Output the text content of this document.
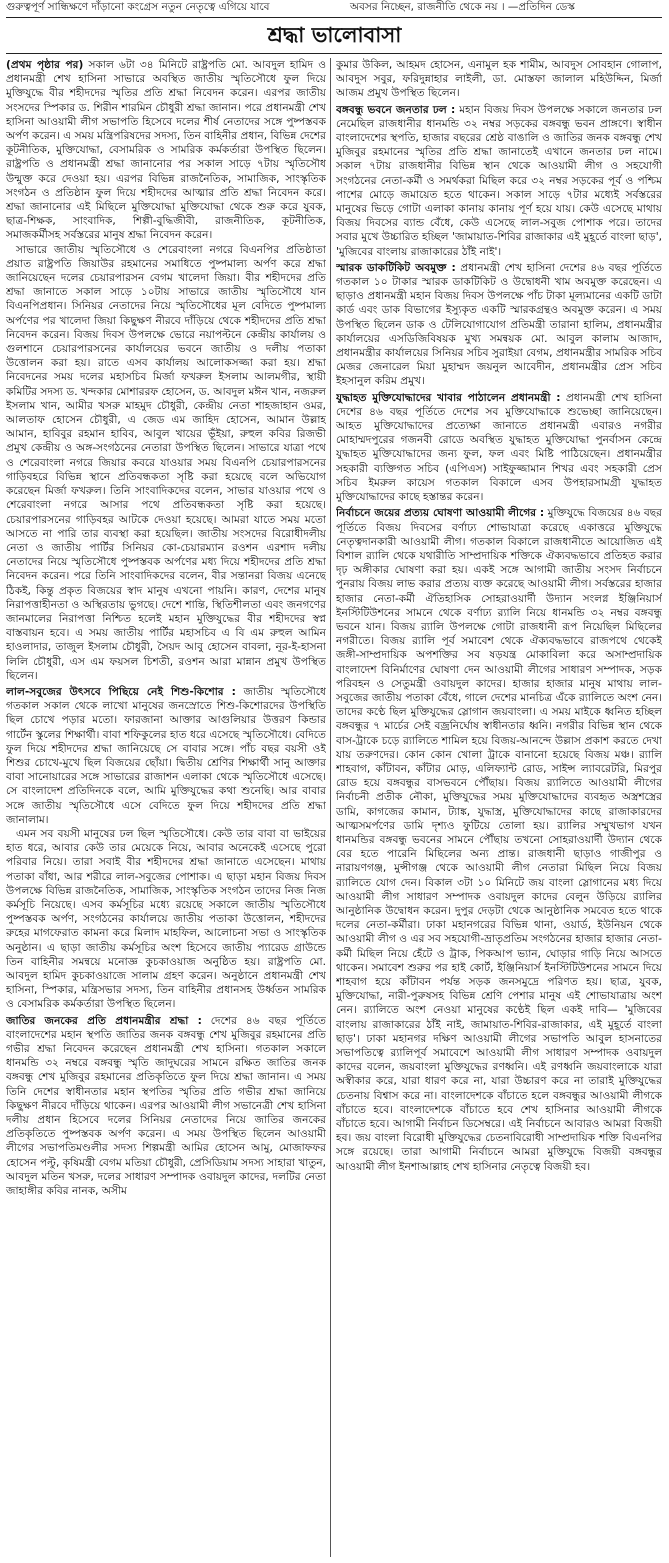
গুরুত্বপূর্ণ সান্ধিক্ষণে দাঁড়ানো কংগ্রেস নতুন নেতৃত্বে এগিয়ে যাবে	অবসর নিচ্ছেন, রাজনীতি থেকে নয় । —প্রতিদিন ডেস্ক
শ্রদ্ধা ভালোবাসা

(প্রথম পৃষ্ঠার পর) সকাল ৬টা ৩৪ মিনিটে রাষ্ট্রপতি মো. আবদুল হামিদ ও প্রধানমন্ত্রী শেখ হাসিনা সাভারে অবস্থিত জাতীয় স্মৃতিসৌধে ফুল দিয়ে মুক্তিযুদ্ধে বীর শহীদদের স্মৃতির প্রতি শ্রদ্ধা নিবেদন করেন। এরপর জাতীয় সংসদের স্পিকার ড. শিরীন শারমিন চৌধুরী শ্রদ্ধা জানান। পরে প্রধানমন্ত্রী শেখ হাসিনা আওয়ামী লীগ সভাপতি হিসেবে দলের শীর্ষ নেতাদের সঙ্গে পুষ্পস্তবক অর্পণ করেন। এ সময় মন্ত্রিপরিষদের সদস্য, তিন বাহিনীর প্রধান, বিভিন্ন দেশের কূটনীতিক, মুক্তিযোদ্ধা, বেসামরিক ও সামরিক কর্মকর্তারা উপস্থিত ছিলেন। রাষ্ট্রপতি ও প্রধানমন্ত্রী শ্রদ্ধা জানানোর পর সকাল সাড়ে ৭টায় স্মৃতিসৌধ উন্মুক্ত করে দেওয়া হয়। এরপর বিভিন্ন রাজনৈতিক, সামাজিক, সাংস্কৃতিক সংগঠন ও প্রতিষ্ঠান ফুল দিয়ে শহীদদের আত্মার প্রতি শ্রদ্ধা নিবেদন করে। শ্রদ্ধা জানানোর এই মিছিলে মুক্তিযোদ্ধা মুক্তিযোদ্ধা থেকে শুরু করে যুবক, ছাত্র-শিক্ষক, সাংবাদিক, শিল্পী-বুদ্ধিজীবী, রাজনীতিক, কূটনীতিক, সমাজকর্মীসহ সর্বস্তরের মানুষ শ্রদ্ধা নিবেদন করেন।

সাভারে জাতীয় স্মৃতিসৌধে ও শেরেবাংলা নগরে বিএনপির প্রতিষ্ঠাতা প্রয়াত রাষ্ট্রপতি জিয়াউর রহমানের সমাধিতে পুষ্পমাল্য অর্পণ করে শ্রদ্ধা জানিয়েছেন দলের চেয়ারপারসন বেগম খালেদা জিয়া। বীর শহীদদের প্রতি শ্রদ্ধা জানাতে সকাল সাড়ে ১০টায় সাভারে জাতীয় স্মৃতিসৌধে যান বিএনপিপ্রধান। সিনিয়র নেতাদের নিয়ে স্মৃতিসৌধের মূল বেদিতে পুষ্পমাল্য অর্পণের পর খালেদা জিয়া কিছুক্ষণ নীরবে দাঁড়িয়ে থেকে শহীদদের প্রতি শ্রদ্ধা নিবেদন করেন। বিজয় দিবস উপলক্ষে ভোরে নয়াপল্টনে কেন্দ্রীয় কার্যালয় ও গুলশানে চেয়ারপারসনের কার্যালয়ের ভবনে জাতীয় ও দলীয় পতাকা উত্তোলন করা হয়। রাতে এসব কার্যালয় আলোকসজ্জা করা হয়। শ্রদ্ধা নিবেদনের সময় দলের মহাসচিব মির্জা ফখরুল ইসলাম আলমগীর, স্থায়ী কমিটির সদস্য ড. খন্দকার মোশাররফ হোসেন, ড. আবদুল মঈন খান, নজরুল ইসলাম খান, আমীর খসরু মাহমুদ চৌধুরী, কেন্দ্রীয় নেতা শাহজাহান ওমর, আলতাফ হোসেন চৌধুরী, এ জেড এম জাহিদ হোসেন, আমান উল্লাহ আমান, হাবিবুর রহমান হাবিব, আবুল খায়ের ভূঁইয়া, রুহুল কবির রিজভী প্রমুখ কেন্দ্রীয় ও অঙ্গ-সংগঠনের নেতারা উপস্থিত ছিলেন। সাভারে যাত্রা পথে ও শেরেবাংলা নগরে জিয়ার কবরে যাওয়ার সময় বিএনপি চেয়ারপারসনের গাড়িবহরে বিভিন্ন স্থানে প্রতিবন্ধকতা সৃষ্টি করা হয়েছে বলে অভিযোগ করেছেন মির্জা ফখরুল। তিনি সাংবাদিকদের বলেন, সাভার যাওয়ার পথে ও শেরেবাংলা নগরে আসার পথে প্রতিবন্ধকতা সৃষ্টি করা হয়েছে। চেয়ারপারসনের গাড়িবহর আটকে দেওয়া হয়েছে। আমরা যাতে সময় মতো আসতে না পারি তার ব্যবস্থা করা হয়েছিল। জাতীয় সংসদের বিরোধীদলীয় নেতা ও জাতীয় পার্টির সিনিয়র কো-চেয়ারম্যান রওশন এরশাদ দলীয় নেতাদের নিয়ে স্মৃতিসৌধে পুষ্পস্তবক অর্পণের মধ্য দিয়ে শহীদদের প্রতি শ্রদ্ধা নিবেদন করেন। পরে তিনি সাংবাদিকদের বলেন, বীর সন্তানরা বিজয় এনেছে ঠিকই, কিন্তু প্রকৃত বিজয়ের স্বাদ মানুষ এখনো পায়নি। কারণ, দেশের মানুষ নিরাপত্তাহীনতা ও অস্থিরতায় ভুগছে। দেশে শান্তি, স্থিতিশীলতা এবং জনগণের জানমালের নিরাপত্তা নিশ্চিত হলেই মহান মুক্তিযুদ্ধের বীর শহীদদের স্বপ্ন বাস্তবায়ন হবে। এ সময় জাতীয় পার্টির মহাসচিব এ বি এম রুহুল আমিন হাওলাদার, তাজুল ইসলাম চৌধুরী, সৈয়দ আবু হোসেন বাবলা, নূর-ই-হাসনা লিলি চৌধুরী, এস এম ফয়সল চিশতী, রওশন আরা মান্নান প্রমুখ উপস্থিত ছিলেন।

লাল-সবুজের উৎসবে পিছিয়ে নেই শিশু-কিশোর : জাতীয় স্মৃতিসৌধে গতকাল সকাল থেকে লাখো মানুষের জনস্রোতে শিশু-কিশোরদের উপস্থিতি ছিল চোখে পড়ার মতো। ফারজানা আক্তার আগুলিয়ার উত্তরণ কিন্ডার গার্টেন স্কুলের শিক্ষার্থী। বাবা শফিকুলের হাত ধরে এসেছে স্মৃতিসৌধে। বেদিতে ফুল দিয়ে শহীদদের শ্রদ্ধা জানিয়েছে সে বাবার সঙ্গে। পাঁচ বছর বয়সী ওই শিশুর চোখে-মুখে ছিল বিজয়ের ছোঁয়া। দ্বিতীয় শ্রেণির শিক্ষার্থী সানু আক্তার বাবা সানোয়ারের সঙ্গে সাভারের রাজাশন এলাকা থেকে স্মৃতিসৌধে এসেছে। সে বাংলাদেশ প্রতিদিনকে বলে, আমি মুক্তিযুদ্ধের কথা শুনেছি। আর বাবার সঙ্গে জাতীয় স্মৃতিসৌধে এসে বেদিতে ফুল দিয়ে শহীদদের প্রতি শ্রদ্ধা জানালাম।

এমন সব বয়সী মানুষের ঢল ছিল স্মৃতিসৌধে। কেউ তার বাবা বা ভাইয়ের হাত ধরে, আবার কেউ তার মেয়েকে নিয়ে, আবার অনেকেই এসেছে পুরো পরিবার নিয়ে। তারা সবাই বীর শহীদদের শ্রদ্ধা জানাতে এসেছেন। মাথায় পতাকা বাঁধা, আর শরীরে লাল-সবুজের পোশাক। এ ছাড়া মহান বিজয় দিবস উপলক্ষে বিভিন্ন রাজনৈতিক, সামাজিক, সাংস্কৃতিক সংগঠন তাদের নিজ নিজ কর্মসূচি নিয়েছে। এসব কর্মসূচির মধ্যে রয়েছে সকালে জাতীয় স্মৃতিসৌধে পুষ্পস্তবক অর্পণ, সংগঠনের কার্যালয়ে জাতীয় পতাকা উত্তোলন, শহীদদের রুহের মাগফেরাত কামনা করে মিলাদ মাহফিল, আলোচনা সভা ও সাংস্কৃতিক অনুষ্ঠান। এ ছাড়া জাতীয় কর্মসূচির অংশ হিসেবে জাতীয় প্যারেড গ্রাউন্ডে তিন বাহিনীর সমন্বয়ে মনোজ্ঞ কুচকাওয়াজ অনুষ্ঠিত হয়। রাষ্ট্রপতি মো. আবদুল হামিদ কুচকাওয়াজে সালাম গ্রহণ করেন। অনুষ্ঠানে প্রধানমন্ত্রী শেখ হাসিনা, স্পিকার, মন্ত্রিসভার সদস্য, তিন বাহিনীর প্রধানসহ উর্ধ্বতন সামরিক ও বেসামরিক কর্মকর্তারা উপস্থিত ছিলেন।

জাতির জনকের প্রতি প্রধানমন্ত্রীর শ্রদ্ধা : দেশের ৪৬ বছর পূর্তিতে বাংলাদেশের মহান স্থপতি জাতির জনক বঙ্গবন্ধু শেখ মুজিবুর রহমানের প্রতি গভীর শ্রদ্ধা নিবেদন করেছেন প্রধানমন্ত্রী শেখ হাসিনা। গতকাল সকালে ধানমন্ডি ৩২ নম্বরে বঙ্গবন্ধু স্মৃতি জাদুঘরের সামনে রক্ষিত জাতির জনক বঙ্গবন্ধু শেখ মুজিবুর রহমানের প্রতিকৃতিতে ফুল দিয়ে শ্রদ্ধা জানান। এ সময় তিনি দেশের স্বাধীনতার মহান স্থপতির স্মৃতির প্রতি গভীর শ্রদ্ধা জানিয়ে কিছুক্ষণ নীরবে দাঁড়িয়ে থাকেন। এরপর আওয়ামী লীগ সভানেত্রী শেখ হাসিনা দলীয় প্রধান হিসেবে দলের সিনিয়র নেতাদের নিয়ে জাতির জনকের প্রতিকৃতিতে পুষ্পস্তবক অর্পণ করেন। এ সময় উপস্থিত ছিলেন আওয়ামী লীগের সভাপতিমণ্ডলীর সদস্য শিল্পমন্ত্রী আমির হোসেন আমু, মোজাফফর হোসেন পল্টু, কৃষিমন্ত্রী বেগম মতিয়া চৌধুরী, প্রেসিডিয়াম সদস্য সাহারা খাতুন, আবদুল মতিন খসরু, দলের সাধারণ সম্পাদক ওবায়দুল কাদের, দলটির নেতা জাহাঙ্গীর কবির নানক, অসীম

কুমার উকিল, আহমদ হোসেন, এনামুল হক শামীম, আবদুস সোবহান গোলাপ, আবদুস সবুর, ফরিদুন্নাহার লাইলী, ডা. মোস্তফা জালাল মহিউদ্দিন, মির্জা আজম প্রমুখ উপস্থিত ছিলেন।

বঙ্গবন্ধু ভবনে জনতার ঢল : মহান বিজয় দিবস উপলক্ষে সকালে জনতার ঢল নেমেছিল রাজধানীর ধানমন্ডি ৩২ নম্বর সড়কের বঙ্গবন্ধু ভবন প্রাঙ্গণে। স্বাধীন বাংলাদেশের স্থপতি, হাজার বছরের শ্রেষ্ঠ বাঙালি ও জাতির জনক বঙ্গবন্ধু শেখ মুজিবুর রহমানের স্মৃতির প্রতি শ্রদ্ধা জানাতেই এখানে জনতার ঢল নামে। সকাল ৭টায় রাজধানীর বিভিন্ন স্থান থেকে আওয়ামী লীগ ও সহযোগী সংগঠনের নেতা-কর্মী ও সমর্থকরা মিছিল করে ৩২ নম্বর সড়কের পূর্ব ও পশ্চিম পাশের মোড়ে জমায়েত হতে থাকেন। সকাল সাড়ে ৭টার মধ্যেই সর্বস্তরের মানুষের ভিড়ে গোটা এলাকা কানায় কানায় পূর্ণ হয়ে যায়। কেউ এসেছে মাথায় বিজয় দিবসের ব্যান্ড বেঁধে, কেউ এসেছে লাল-সবুজ পোশাক পরে। তাদের সবার মুখে উচ্চারিত হচ্ছিল 'জামায়াত-শিবির রাজাকার এই মুহূর্তে বাংলা ছাড়', 'মুজিবের বাংলায় রাজাকারের ঠাঁই নাই'।

স্মারক ডাকটিকিট অবমুক্ত : প্রধানমন্ত্রী শেখ হাসিনা দেশের ৪৬ বছর পূর্তিতে গতকাল ১০ টাকার স্মারক ডাকটিকিট ও উদ্বোধনী খাম অবমুক্ত করেছেন। এ ছাড়াও প্রধানমন্ত্রী মহান বিজয় দিবস উপলক্ষে পাঁচ টাকা মূল্যমানের একটি ডাটা কার্ড এবং ডাক বিভাগের ইস্যুকৃত একটি স্মারকগ্রন্থও অবমুক্ত করেন। এ সময় উপস্থিত ছিলেন ডাক ও টেলিযোগাযোগ প্রতিমন্ত্রী তারানা হালিম, প্রধানমন্ত্রীর কার্যালয়ের এসডিজিবিষয়ক মুখ্য সমন্বয়ক মো. আবুল কালাম আজাদ, প্রধানমন্ত্রীর কার্যালয়ের সিনিয়র সচিব সুরাইয়া বেগম, প্রধানমন্ত্রীর সামরিক সচিব মেজর জেনারেল মিয়া মুহাম্মদ জয়নুল আবেদীন, প্রধানমন্ত্রীর প্রেস সচিব ইহসানুল করিম প্রমুখ।

যুদ্ধাহত মুক্তিযোদ্ধাদের খাবার পাঠালেন প্রধানমন্ত্রী : প্রধানমন্ত্রী শেখ হাসিনা দেশের ৪৬ বছর পূর্তিতে দেশের সব মুক্তিযোদ্ধাকে শুভেচ্ছা জানিয়েছেন। আহত মুক্তিযোদ্ধাদের প্রত্যেক্ষা জানাতে প্রধানমন্ত্রী এবারও নগরীর মোহাম্মদপুরের গজনবী রোডে অবস্থিত যুদ্ধাহত মুক্তিযোদ্ধা পুনর্বাসন কেন্দ্রে যুদ্ধাহত মুক্তিযোদ্ধাদের জন্য ফুল, ফল এবং মিষ্টি পাঠিয়েছেন। প্রধানমন্ত্রীর সহকারী ব্যক্তিগত সচিব (এপিএস) সাইফুজ্জামান শিখর এবং সহকারী প্রেস সচিব ইমরুল কায়েস গতকাল বিকালে এসব উপহারসামগ্রী যুদ্ধাহত মুক্তিযোদ্ধাদের কাছে হস্তান্তর করেন।

নির্বাচনে জয়ের প্রত্যয় ঘোষণা আওয়ামী লীগের : মুক্তিযুদ্ধে বিজয়ের ৪৬ বছর পূর্তিতে বিজয় দিবসের বর্ণাঢ্য শোভাযাত্রা করেছে একাত্তরে মুক্তিযুদ্ধে নেতৃত্বদানকারী আওয়ামী লীগ। গতকাল বিকালে রাজধানীতে আয়োজিত এই বিশাল র‍্যালি থেকে যথারীতি সাম্প্রদায়িক শক্তিকে ঐক্যবদ্ধভাবে প্রতিহত করার দৃঢ় অঙ্গীকার ঘোষণা করা হয়। একই সঙ্গে আগামী জাতীয় সংসদ নির্বাচনে পুনরায় বিজয় লাভ করার প্রত্যয় ব্যক্ত করেছে আওয়ামী লীগ। সর্বস্তরের হাজার হাজার নেতা-কর্মী ঐতিহাসিক সোহরাওয়ার্দী উদ্যান সংলগ্ন ইঞ্জিনিয়ার্স ইনস্টিটিউশনের সামনে থেকে বর্ণাঢ্য র‍্যালি নিয়ে ধানমন্ডি ৩২ নম্বর বঙ্গবন্ধু ভবনে যান। বিজয় র‍্যালি উপলক্ষে গোটা রাজধানী রূপ নিয়েছিল মিছিলের নগরীতে। বিজয় র‍্যালি পূর্ব সমাবেশ থেকে ঐক্যবদ্ধভাবে রাজপথে থেকেই জঙ্গী-সাম্প্রদায়িক অপশক্তির সব ষড়যন্ত্র মোকাবিলা করে অসাম্প্রদায়িক বাংলাদেশ বিনির্মাণের ঘোষণা দেন আওয়ামী লীগের সাধারণ সম্পাদক, সড়ক পরিবহন ও সেতুমন্ত্রী ওবায়দুল কাদের। হাজার হাজার মানুষ মাথায় লাল-সবুজের জাতীয় পতাকা বেঁধে, গালে দেশের মানচিত্র এঁকে র‍্যালিতে অংশ নেন। তাদের কণ্ঠে ছিল মুক্তিযুদ্ধের স্লোগান জয়বাংলা। এ সময় মাইকে ধ্বনিত হচ্ছিল বঙ্গবন্ধুর ৭ মার্চের সেই বজ্রনির্ঘোষ স্বাধীনতার ধ্বনি। নগরীর বিভিন্ন স্থান থেকে বাস-ট্রাকে চড়ে র‍্যালিতে শামিল হয়ে বিজয়-আনন্দে উল্লাস প্রকাশ করতে দেখা যায় তরুণদের। কোন কোন খোলা ট্রাকে বানানো হয়েছে বিজয় মঞ্চ। র‍্যালি শাহবাগ, কাঁটাবন, কাঁটার মোড়, এলিফ্যান্ট রোড, সাইন্স ল্যাবরেটরি, মিরপুর রোড হয়ে বঙ্গবন্ধুর বাসভবনে পৌঁছায়। বিজয় র‍্যালিতে আওয়ামী লীগের নির্বাচনী প্রতীক নৌকা, মুক্তিযুদ্ধের সময় মুক্তিযোদ্ধাদের ব্যবহৃত অস্ত্রশস্ত্রের ডামি, কাগজের কামান, ট্যাঙ্ক, যুদ্ধাস্ত্র, মুক্তিযোদ্ধাদের কাছে রাজাকারদের আত্মসমর্পণের ডামি দৃশ্যও ফুটিয়ে তোলা হয়। র‍্যালির সম্মুখভাগ যখন ধানমন্ডির বঙ্গবন্ধু ভবনের সামনে পৌঁছায় তখনো সোহরাওয়ার্দী উদ্যান থেকে বের হতে পারেনি মিছিলের অন্য প্রান্ত। রাজধানী ছাড়াও গাজীপুর ও নারায়ণগঞ্জ, মুন্সীগঞ্জ থেকে আওয়ামী লীগ নেতারা মিছিল নিয়ে বিজয় র‍্যালিতে যোগ দেন। বিকাল ৩টা ১০ মিনিটে জয় বাংলা স্লোগানের মধ্য দিয়ে আওয়ামী লীগ সাধারণ সম্পাদক ওবায়দুল কাদের বেলুন উড়িয়ে র‍্যালির আনুষ্ঠানিক উদ্বোধন করেন। দুপুর দেড়টা থেকে আনুষ্ঠানিক সমবেত হতে থাকে দলের নেতা-কর্মীরা। ঢাকা মহানগরের বিভিন্ন থানা, ওয়ার্ড, ইউনিয়ন থেকে আওয়ামী লীগ ও এর সব সহযোগী-ভ্রাতৃপ্রতিম সংগঠনের হাজার হাজার নেতা-কর্মী মিছিল নিয়ে হেঁটে ও ট্রাক, পিকআপ ভ্যান, ঘোড়ার গাড়ি নিয়ে আসতে থাকেন। সমাবেশ শুরুর পর হাই কোর্ট, ইঞ্জিনিয়ার্স ইনস্টিটিউশনের সামনে দিয়ে শাহবাগ হয়ে কাঁটাবন পর্যন্ত সড়ক জনসমুদ্রে পরিণত হয়। ছাত্র, যুবক, মুক্তিযোদ্ধা, নারী-পুরুষসহ বিভিন্ন শ্রেণি পেশার মানুষ এই শোভাযাত্রায় অংশ নেন। র‍্যালিতে অংশ নেওয়া মানুষের কণ্ঠেই ছিল একই দাবি— 'মুজিবের বাংলায় রাজাকারের ঠাঁই নাই, জামায়াত-শিবির-রাজাকার, এই মুহূর্তে বাংলা ছাড়'। ঢাকা মহানগর দক্ষিণ আওয়ামী লীগের সভাপতি আবুল হাসনাতের সভাপতিত্বে র‍্যালিপূর্ব সমাবেশে আওয়ামী লীগ সাধারণ সম্পাদক ওবায়দুল কাদের বলেন, জয়বাংলা মুক্তিযুদ্ধের রণধ্বনি। এই রণধ্বনি জয়বাংলাকে যারা অস্বীকার করে, যারা ধারণ করে না, যারা উচ্চারণ করে না তারাই মুক্তিযুদ্ধের চেতনায় বিশ্বাস করে না। বাংলাদেশকে বাঁচাতে হলে বঙ্গবন্ধুর আওয়ামী লীগকে বাঁচাতে হবে। বাংলাদেশকে বাঁচাতে হবে শেখ হাসিনার আওয়ামী লীগকে বাঁচাতে হবে। আগামী নির্বাচন ডিসেম্বরে। এই নির্বাচনে আবারও আমরা বিজয়ী হব। জয় বাংলা বিরোধী মুক্তিযুদ্ধের চেতনাবিরোধী সাম্প্রদায়িক শক্তি বিএনপির সঙ্গে রয়েছে। তারা আগামী নির্বাচনে আমরা মুক্তিযুদ্ধে বিজয়ী বঙ্গবন্ধুর আওয়ামী লীগ ইনশাআল্লাহ শেখ হাসিনার নেতৃত্বে বিজয়ী হব।
